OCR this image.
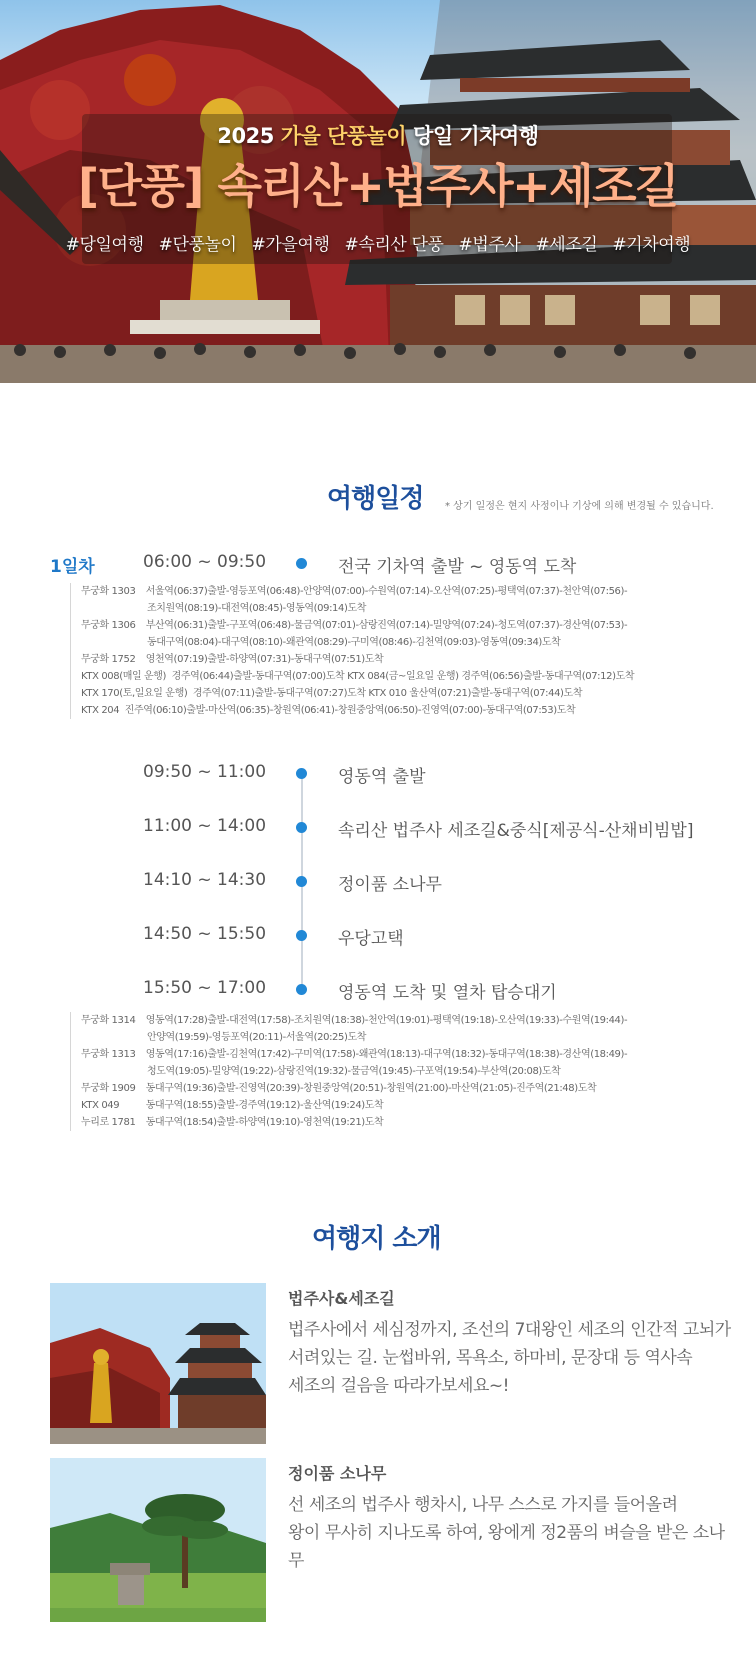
2025 가을 단풍놀이 당일 기차여행
[단풍] 속리산+법주사+세조길
#당일여행 #단풍놀이 #가을여행 #속리산 단풍 #법주사 #세조길 #기차여행
여행일정 * 상기 일정은 현지 사정이나 기상에 의해 변경될 수 있습니다.
1일차	06:00 ~ 09:50	전국 기차역 출발 ~ 영동역 도착
무궁화 1303 서울역(06:37)출발-영등포역(06:48)-안양역(07:00)-수원역(07:14)-오산역(07:25)-평택역(07:37)-천안역(07:56)-
조치원역(08:19)-대전역(08:45)-영동역(09:14)도착
무궁화 1306 부산역(06:31)출발-구포역(06:48)-물금역(07:01)-삼랑진역(07:14)-밀양역(07:24)-청도역(07:37)-경산역(07:53)-
동대구역(08:04)-대구역(08:10)-왜관역(08:29)-구미역(08:46)-김천역(09:03)-영동역(09:34)도착
무궁화 1752 영천역(07:19)출발-하양역(07:31)-동대구역(07:51)도착
KTX 008(매일 운행) 경주역(06:44)출발-동대구역(07:00)도착 KTX 084(금~일요일 운행) 경주역(06:56)출발-동대구역(07:12)도착
KTX 170(토,일요일 운행) 경주역(07:11)출발-동대구역(07:27)도착 KTX 010 울산역(07:21)출발-동대구역(07:44)도착
KTX 204 진주역(06:10)출발-마산역(06:35)-창원역(06:41)-창원중앙역(06:50)-진영역(07:00)-동대구역(07:53)도착
09:50 ~ 11:00	영동역 출발
11:00 ~ 14:00	속리산 법주사 세조길&중식[제공식-산채비빔밥]
14:10 ~ 14:30	정이품 소나무
14:50 ~ 15:50	우당고택
15:50 ~ 17:00	영동역 도착 및 열차 탑승대기
무궁화 1314 영동역(17:28)출발-대전역(17:58)-조치원역(18:38)-천안역(19:01)-평택역(19:18)-오산역(19:33)-수원역(19:44)-
안양역(19:59)-영등포역(20:11)-서울역(20:25)도착
무궁화 1313 영동역(17:16)출발-김천역(17:42)-구미역(17:58)-왜관역(18:13)-대구역(18:32)-동대구역(18:38)-경산역(18:49)-
청도역(19:05)-밀양역(19:22)-삼랑진역(19:32)-물금역(19:45)-구포역(19:54)-부산역(20:08)도착
무궁화 1909 동대구역(19:36)출발-진영역(20:39)-창원중앙역(20:51)-창원역(21:00)-마산역(21:05)-진주역(21:48)도착
KTX 049	동대구역(18:55)출발-경주역(19:12)-울산역(19:24)도착
누리로 1781 동대구역(18:54)출발-하양역(19:10)-영천역(19:21)도착
여행지 소개
법주사&세조길
법주사에서 세심정까지, 조선의 7대왕인 세조의 인간적 고뇌가
서려있는 길. 눈썹바위, 목욕소, 하마비, 문장대 등 역사속
세조의 걸음을 따라가보세요~!
정이품 소나무
선 세조의 법주사 행차시, 나무 스스로 가지를 들어올려
왕이 무사히 지나도록 하여, 왕에게 정2품의 벼슬을 받은 소나무
